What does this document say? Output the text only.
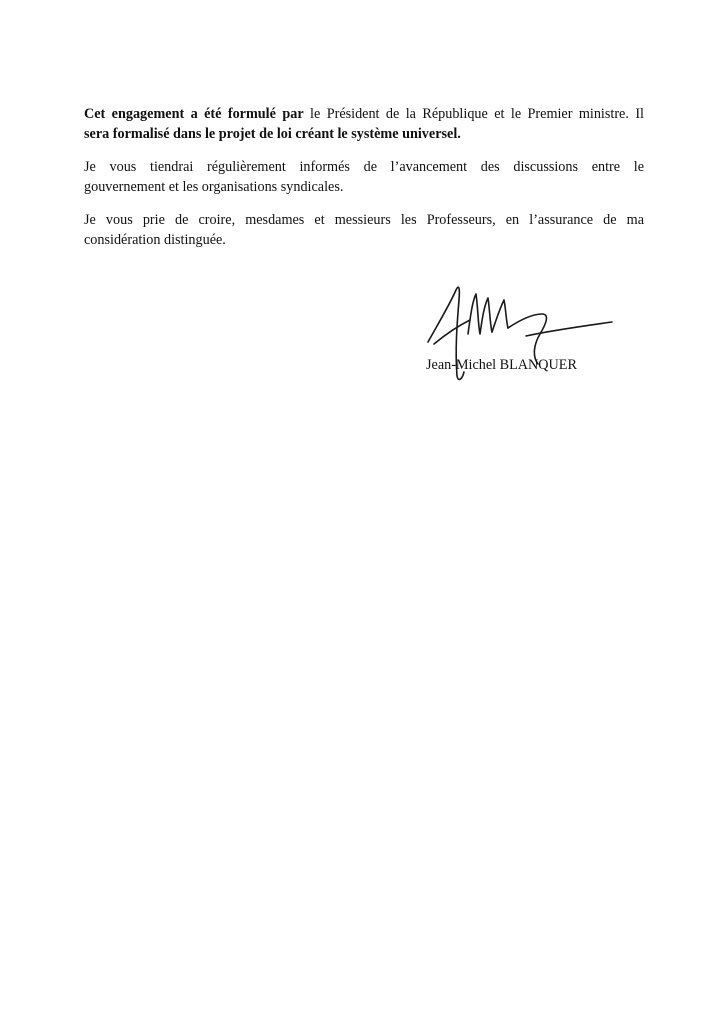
Cet engagement a été formulé par le Président de la République et le Premier ministre. Il
sera formalisé dans le projet de loi créant le système universel.

Je vous tiendrai régulièrement informés de l’avancement des discussions entre le
gouvernement et les organisations syndicales.

Je vous prie de croire, mesdames et messieurs les Professeurs, en l’assurance de ma
considération distinguée.

Jean-Michel BLANQUER
